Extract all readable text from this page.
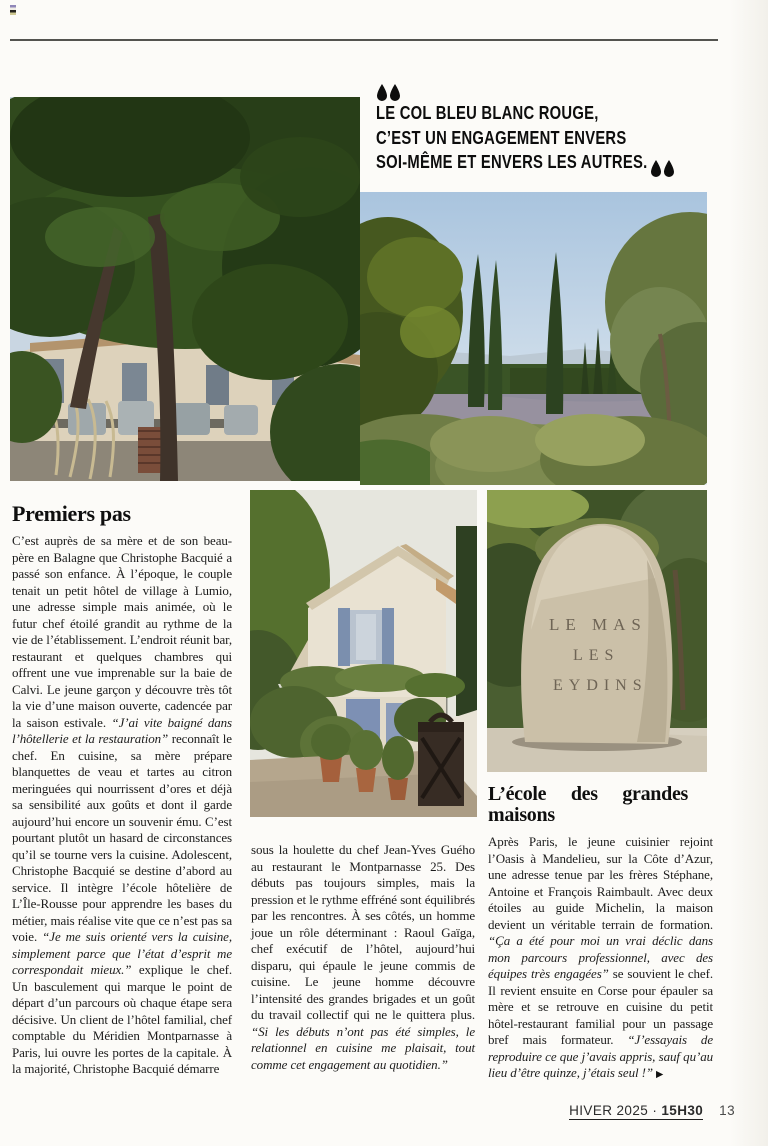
LE COL BLEU BLANC ROUGE,
C’EST UN ENGAGEMENT ENVERS
SOI-MÊME ET ENVERS LES AUTRES.
LE MAS
LES
EYDINS
Premiers pas

C’est auprès de sa mère et de son beau-père en Balagne que Christophe Bacquié a passé son enfance. À l’époque, le couple tenait un petit hôtel de village à Lumio, une adresse simple mais animée, où le futur chef étoilé grandit au rythme de la vie de l’établissement. L’endroit réunit bar, restaurant et quelques chambres qui offrent une vue imprenable sur la baie de Calvi. Le jeune garçon y découvre très tôt la vie d’une maison ouverte, cadencée par la saison estivale. “J’ai vite baigné dans l’hôtellerie et la restauration” reconnaît le chef. En cuisine, sa mère prépare blanquettes de veau et tartes au citron meringuées qui nourrissent d’ores et déjà sa sensibilité aux goûts et dont il garde aujourd’hui encore un souvenir ému. C’est pourtant plutôt un hasard de circonstances qu’il se tourne vers la cuisine. Adolescent, Christophe Bacquié se destine d’abord au service. Il intègre l’école hôtelière de L’Île-Rousse pour apprendre les bases du métier, mais réalise vite que ce n’est pas sa voie. “Je me suis orienté vers la cuisine, simplement parce que l’état d’esprit me correspondait mieux.” explique le chef. Un basculement qui marque le point de départ d’un parcours où chaque étape sera décisive. Un client de l’hôtel familial, chef comptable du Méridien Montparnasse à Paris, lui ouvre les portes de la capitale. À la majorité, Christophe Bacquié démarre

sous la houlette du chef Jean-Yves Guého au restaurant le Montparnasse 25. Des débuts pas toujours simples, mais la pression et le rythme effréné sont équilibrés par les rencontres. À ses côtés, un homme joue un rôle déterminant : Raoul Gaïga, chef exécutif de l’hôtel, aujourd’hui disparu, qui épaule le jeune commis de cuisine. Le jeune homme découvre l’intensité des grandes brigades et un goût du travail collectif qui ne le quittera plus. “Si les débuts n’ont pas été simples, le relationnel en cuisine me plaisait, tout comme cet engagement au quotidien.”

L’école des grandes maisons

Après Paris, le jeune cuisinier rejoint l’Oasis à Mandelieu, sur la Côte d’Azur, une adresse tenue par les frères Stéphane, Antoine et François Raimbault. Avec deux étoiles au guide Michelin, la maison devient un véritable terrain de formation. “Ça a été pour moi un vrai déclic dans mon parcours professionnel, avec des équipes très engagées” se souvient le chef. Il revient ensuite en Corse pour épauler sa mère et se retrouve en cuisine du petit hôtel-restaurant familial pour un passage bref mais formateur. “J’essayais de reproduire ce que j’avais appris, sauf qu’au lieu d’être quinze, j’étais seul !” ▶

HIVER 2025 · 15H30 13
